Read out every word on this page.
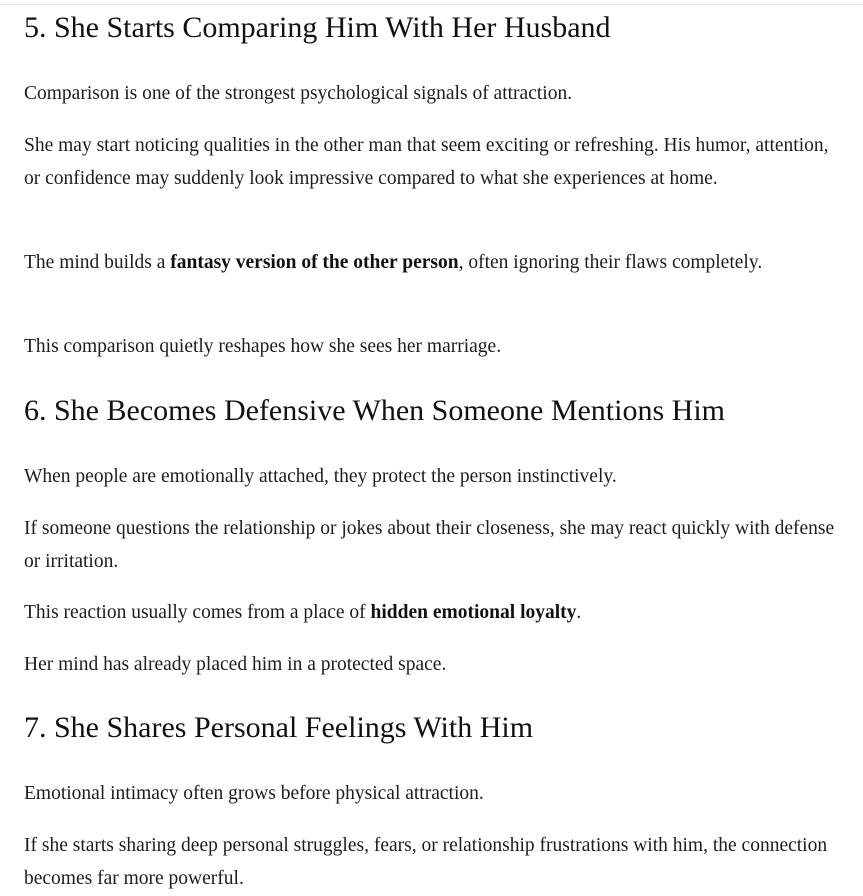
5. She Starts Comparing Him With Her Husband

Comparison is one of the strongest psychological signals of attraction.

She may start noticing qualities in the other man that seem exciting or refreshing. His humor, attention, or confidence may suddenly look impressive compared to what she experiences at home.

The mind builds a fantasy version of the other person, often ignoring their flaws completely.

This comparison quietly reshapes how she sees her marriage.

6. She Becomes Defensive When Someone Mentions Him

When people are emotionally attached, they protect the person instinctively.

If someone questions the relationship or jokes about their closeness, she may react quickly with defense or irritation.

This reaction usually comes from a place of hidden emotional loyalty.

Her mind has already placed him in a protected space.

7. She Shares Personal Feelings With Him

Emotional intimacy often grows before physical attraction.

If she starts sharing deep personal struggles, fears, or relationship frustrations with him, the connection becomes far more powerful.
